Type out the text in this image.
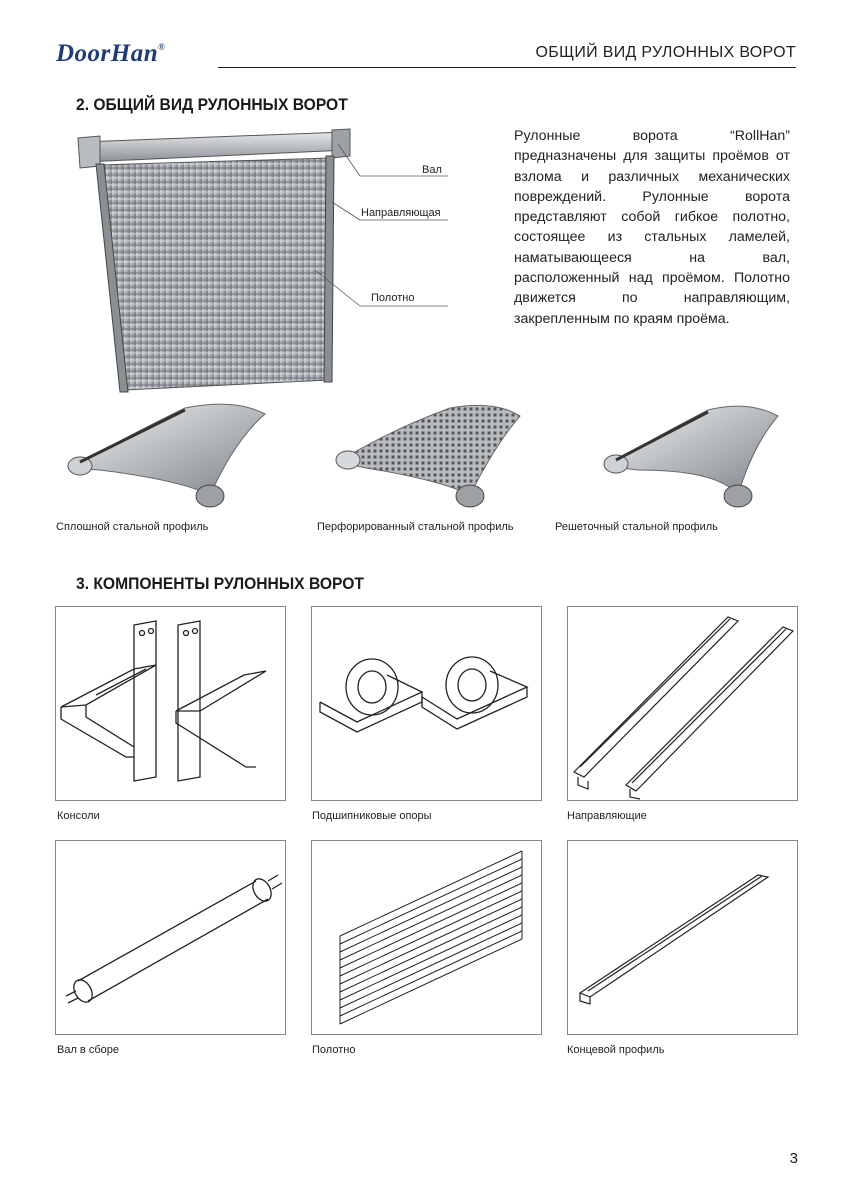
DoorHan®	ОБЩИЙ ВИД РУЛОННЫХ ВОРОТ
2. ОБЩИЙ ВИД РУЛОННЫХ ВОРОТ
Вал
Направляющая
Полотно
Рулонные ворота “RollHan” предназначены для защиты проёмов от взлома и различных механических повреждений. Рулонные ворота представляют собой гибкое полотно, состоящее из стальных ламелей, наматывающееся на вал, расположенный над проёмом. Полотно движется по направляющим, закрепленным по краям проёма.
Сплошной стальной профиль	Перфорированный стальной профиль	Решеточный стальной профиль
3. КОМПОНЕНТЫ РУЛОННЫХ ВОРОТ
Консоли	Подшипниковые опоры	Направляющие
Вал в сборе	Полотно	Концевой профиль
3
